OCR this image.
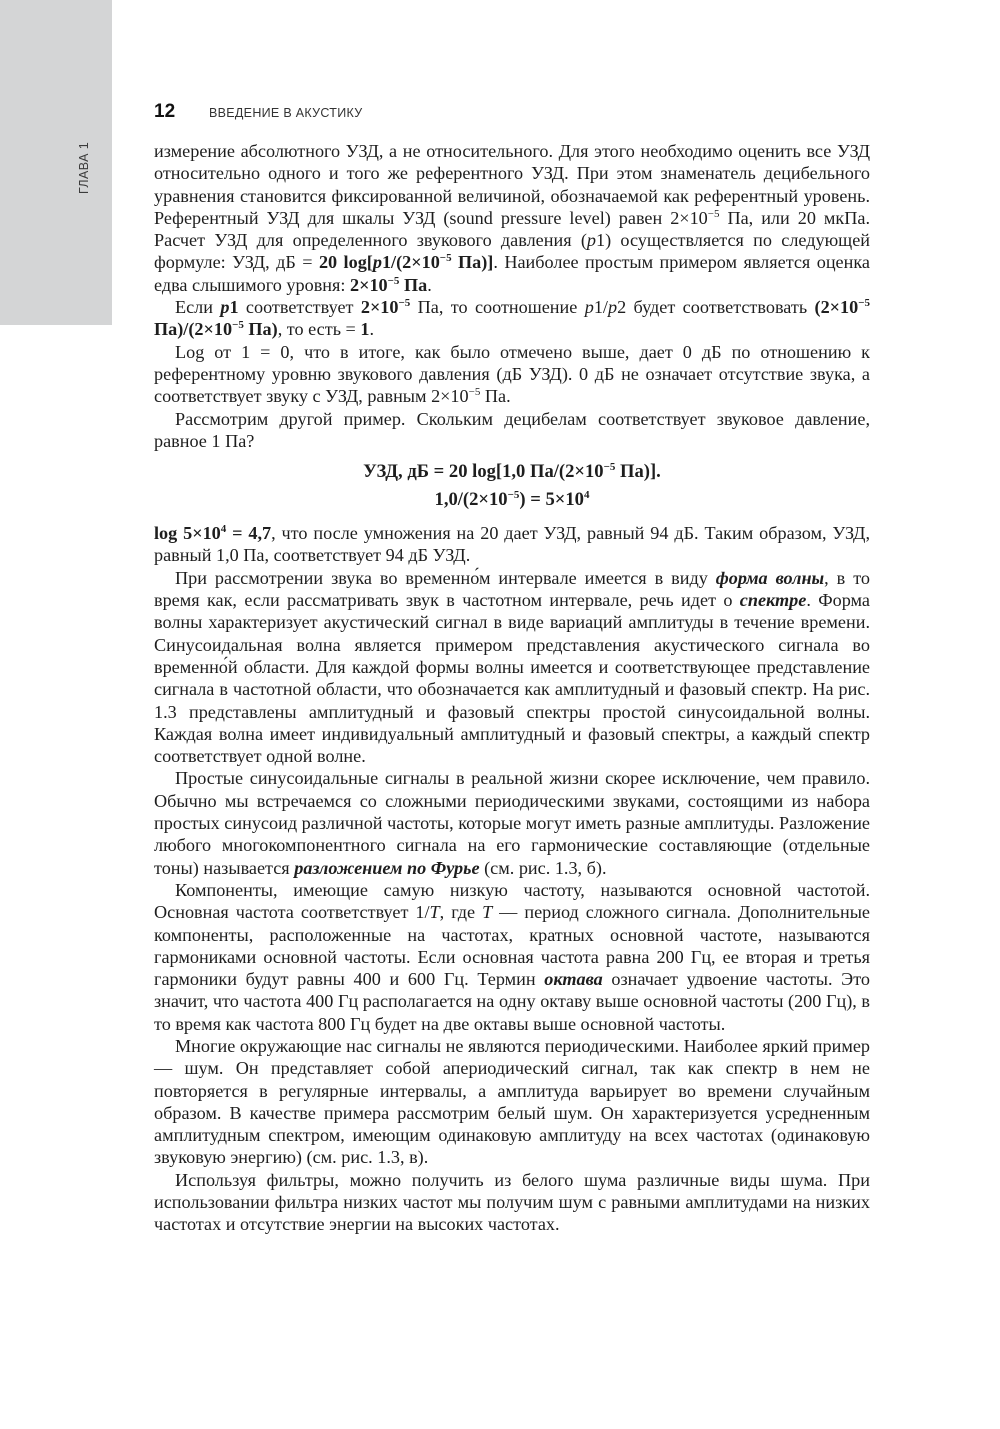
ГЛАВА 1
12	ВВЕДЕНИЕ В АКУСТИКУ

измерение абсолютного УЗД, а не относительного. Для этого необходимо оценить все УЗД относительно одного и того же референтного УЗД. При этом знаменатель децибельного уравнения становится фиксированной величиной, обозначаемой как референтный уровень. Референтный УЗД для шкалы УЗД (sound pressure level) равен $2\times 10^{-5}$ Па, или 20 мкПа. Расчет УЗД для определенного звукового давления (p1) осуществляется по следующей формуле: УЗД, дБ = 20 $\log[p1/(2\times 10^{-5}$ Па)]. Наиболее простым примером является оценка едва слышимого уровня: $2\times 10^{-5}$ Па.

Если p1 соответствует $2\times 10^{-5}$ Па, то соотношение p1/p2 будет соответствовать ($2\times 10^{-5}$ $Па)/(2\times 10^{-5}$ Па), то есть = 1.

Log от 1 = 0, что в итоге, как было отмечено выше, дает 0 дБ по отношению к референтному уровню звукового давления (дБ УЗД). 0 дБ не означает отсутствие звука, а соответствует звуку с УЗД, равным $2\times 10^{-5}$ Па.

Рассмотрим другой пример. Скольким децибелам соответствует звуковое давление, равное 1 Па?

УЗД, дБ = 20 log[1,0 $Па/(2\times 10^{-5}$ Па)].

$1,0/(2\times 10^{-5}) = 5\times 10^4$

$\log 5\times 10^4 = 4,7$, что после умножения на 20 дает УЗД, равный 94 дБ. Таким образом, УЗД, равный 1,0 Па, соответствует 94 дБ УЗД.

При рассмотрении звука во временно́м интервале имеется в виду форма волны, в то время как, если рассматривать звук в частотном интервале, речь идет о спектре. Форма волны характеризует акустический сигнал в виде вариаций амплитуды в течение времени. Синусоидальная волна является примером представления акустического сигнала во временно́й области. Для каждой формы волны имеется и соответствующее представление сигнала в частотной области, что обозначается как амплитудный и фазовый спектр. На рис. 1.3 представлены амплитудный и фазовый спектры простой синусоидальной волны. Каждая волна имеет индивидуальный амплитудный и фазовый спектры, а каждый спектр соответствует одной волне.

Простые синусоидальные сигналы в реальной жизни скорее исключение, чем правило. Обычно мы встречаемся со сложными периодическими звуками, состоящими из набора простых синусоид различной частоты, которые могут иметь разные амплитуды. Разложение любого многокомпонентного сигнала на его гармонические составляющие (отдельные тоны) называется разложением по Фурье (см. рис. 1.3, б).

Компоненты, имеющие самую низкую частоту, называются основной частотой. Основная частота соответствует 1/T, где T — период сложного сигнала. Дополнительные компоненты, расположенные на частотах, кратных основной частоте, называются гармониками основной частоты. Если основная частота равна 200 Гц, ее вторая и третья гармоники будут равны 400 и 600 Гц. Термин октава означает удвоение частоты. Это значит, что частота 400 Гц располагается на одну октаву выше основной частоты (200 Гц), в то время как частота 800 Гц будет на две октавы выше основной частоты.

Многие окружающие нас сигналы не являются периодическими. Наиболее яркий пример — шум. Он представляет собой апериодический сигнал, так как спектр в нем не повторяется в регулярные интервалы, а амплитуда варьирует во времени случайным образом. В качестве примера рассмотрим белый шум. Он характеризуется усредненным амплитудным спектром, имеющим одинаковую амплитуду на всех частотах (одинаковую звуковую энергию) (см. рис. 1.3, в).

Используя фильтры, можно получить из белого шума различные виды шума. При использовании фильтра низких частот мы получим шум с равными амплитудами на низких частотах и отсутствие энергии на высоких частотах.
